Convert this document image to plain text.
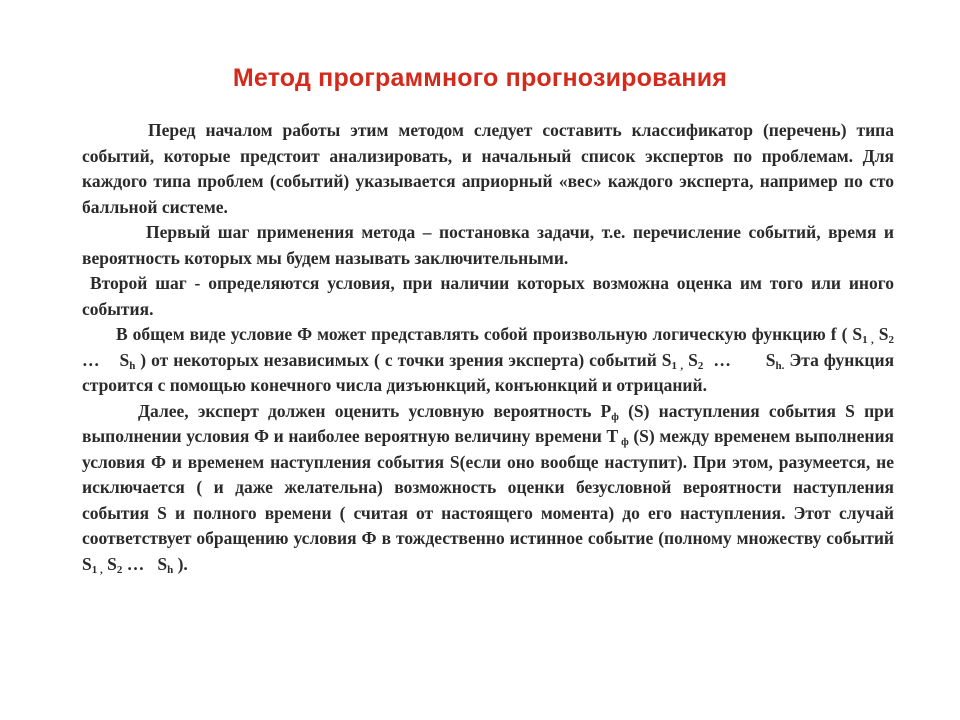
Метод программного прогнозирования

Перед началом работы этим методом следует составить классификатор (перечень) типа событий, которые предстоит анализировать, и начальный список экспертов по проблемам. Для каждого типа проблем (событий) указывается априорный «вес» каждого эксперта, например по сто балльной системе.

Первый шаг применения метода – постановка задачи, т.е. перечисление событий, время и вероятность которых мы будем называть заключительными.

Второй шаг - определяются условия, при наличии которых возможна оценка им того или иного события.

В общем виде условие Ф может представлять собой произвольную логическую функцию f ( $S_{1 ,}$ $S_2$ …    $S_h$ ) от некоторых независимых ( с точки зрения эксперта) событий $S_{1 ,}$ $S_2$  …       $S_{h.}$ Эта функция строится с помощью конечного числа дизъюнкций, конъюнкций и отрицаний.

Далее, эксперт должен оценить условную вероятность $P_ф$ (S) наступления события S при выполнении условия Ф и наиболее вероятную величину времени T $_ф$ (S) между временем выполнения условия Ф и временем наступления события S(если оно вообще наступит). При этом, разумеется, не исключается ( и даже желательна) возможность оценки безусловной вероятности наступления события S и полного времени ( считая от настоящего момента) до его наступления. Этот случай соответствует обращению условия Ф в тождественно истинное событие (полному множеству событий $S_{1 ,}$ $S_2$ …   $S_h$ ).
